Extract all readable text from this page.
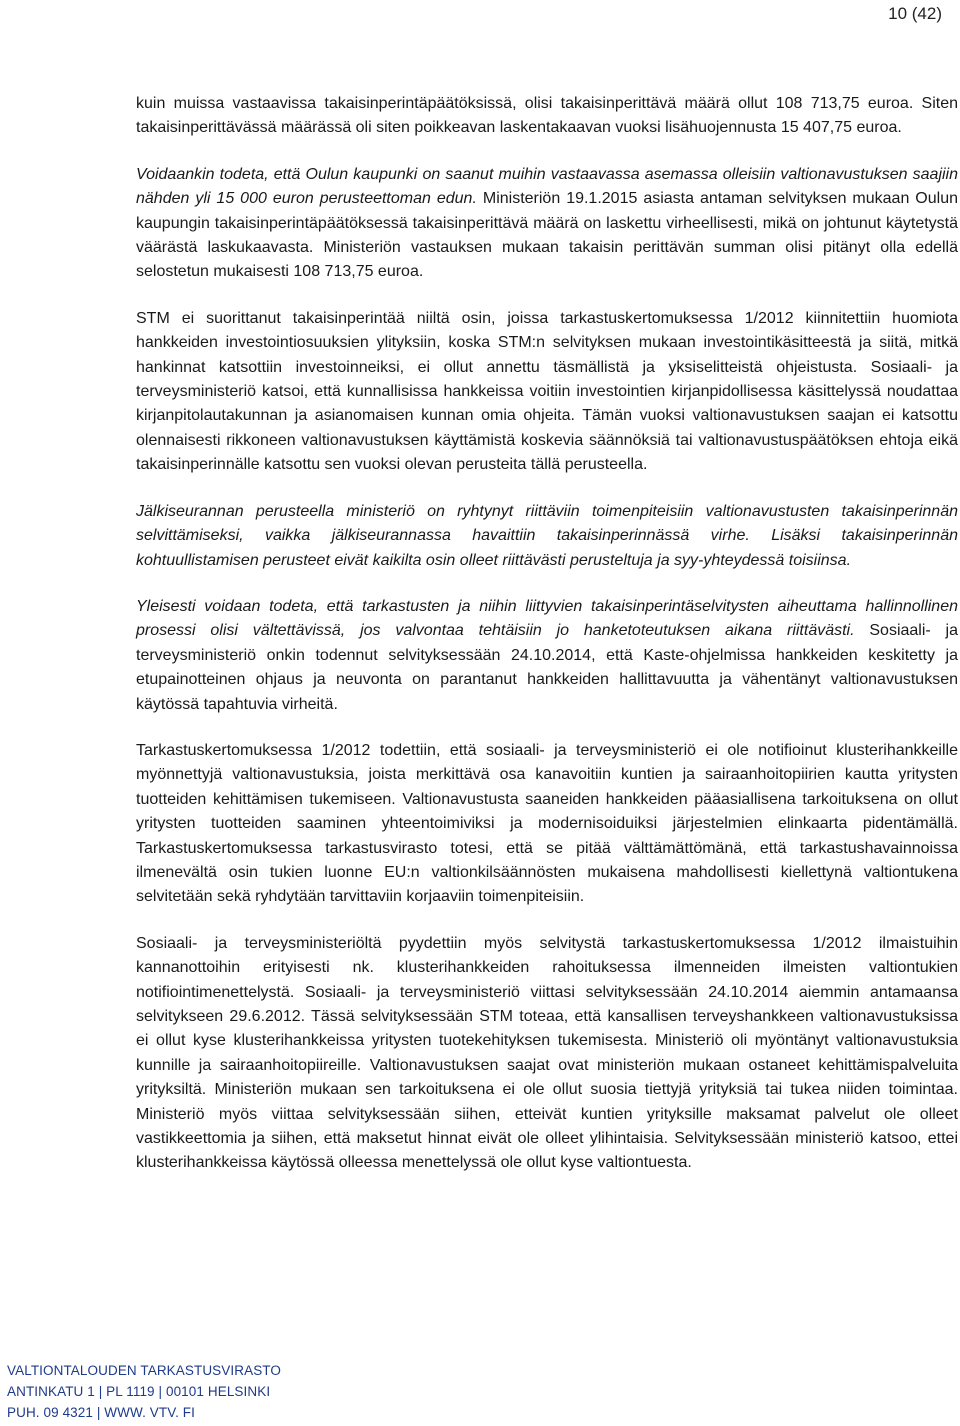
10 (42)

kuin muissa vastaavissa takaisinperintäpäätöksissä, olisi takaisinperittävä määrä ollut 108 713,75 euroa. Siten takaisinperittävässä määrässä oli siten poikkeavan laskentakaavan vuoksi lisähuojennusta 15 407,75 euroa.

Voidaankin todeta, että Oulun kaupunki on saanut muihin vastaavassa asemassa olleisiin valtionavustuksen saajiin nähden yli 15 000 euron perusteettoman edun. Ministeriön 19.1.2015 asiasta antaman selvityksen mukaan Oulun kaupungin takaisinperintäpäätöksessä takaisinperittävä määrä on laskettu virheellisesti, mikä on johtunut käytetystä väärästä laskukaavasta. Ministeriön vastauksen mukaan takaisin perittävän summan olisi pitänyt olla edellä selostetun mukaisesti 108 713,75 euroa.

STM ei suorittanut takaisinperintää niiltä osin, joissa tarkastuskertomuksessa 1/2012 kiinnitettiin huomiota hankkeiden investointiosuuksien ylityksiin, koska STM:n selvityksen mukaan investointikäsitteestä ja siitä, mitkä hankinnat katsottiin investoinneiksi, ei ollut annettu täsmällistä ja yksiselitteistä ohjeistusta. Sosiaali- ja terveysministeriö katsoi, että kunnallisissa hankkeissa voitiin investointien kirjanpidollisessa käsittelyssä noudattaa kirjanpitolautakunnan ja asianomaisen kunnan omia ohjeita. Tämän vuoksi valtionavustuksen saajan ei katsottu olennaisesti rikkoneen valtionavustuksen käyttämistä koskevia säännöksiä tai valtionavustuspäätöksen ehtoja eikä takaisinperinnälle katsottu sen vuoksi olevan perusteita tällä perusteella.

Jälkiseurannan perusteella ministeriö on ryhtynyt riittäviin toimenpiteisiin valtionavustusten takaisinperinnän selvittämiseksi, vaikka jälkiseurannassa havaittiin takaisinperinnässä virhe. Lisäksi takaisinperinnän kohtuullistamisen perusteet eivät kaikilta osin olleet riittävästi perusteltuja ja syy-yhteydessä toisiinsa.

Yleisesti voidaan todeta, että tarkastusten ja niihin liittyvien takaisinperintäselvitysten aiheuttama hallinnollinen prosessi olisi vältettävissä, jos valvontaa tehtäisiin jo hanketoteutuksen aikana riittävästi. Sosiaali- ja terveysministeriö onkin todennut selvityksessään 24.10.2014, että Kaste-ohjelmissa hankkeiden keskitetty ja etupainotteinen ohjaus ja neuvonta on parantanut hankkeiden hallittavuutta ja vähentänyt valtionavustuksen käytössä tapahtuvia virheitä.

Tarkastuskertomuksessa 1/2012 todettiin, että sosiaali- ja terveysministeriö ei ole notifioinut klusterihankkeille myönnettyjä valtionavustuksia, joista merkittävä osa kanavoitiin kuntien ja sairaanhoitopiirien kautta yritysten tuotteiden kehittämisen tukemiseen. Valtionavustusta saaneiden hankkeiden pääasiallisena tarkoituksena on ollut yritysten tuotteiden saaminen yhteentoimiviksi ja modernisoiduiksi järjestelmien elinkaarta pidentämällä. Tarkastuskertomuksessa tarkastusvirasto totesi, että se pitää välttämättömänä, että tarkastushavainnoissa ilmenevältä osin tukien luonne EU:n valtionkilsäännösten mukaisena mahdollisesti kiellettynä valtiontukena selvitetään sekä ryhdytään tarvittaviin korjaaviin toimenpiteisiin.

Sosiaali- ja terveysministeriöltä pyydettiin myös selvitystä tarkastuskertomuksessa 1/2012 ilmaistuihin kannanottoihin erityisesti nk. klusterihankkeiden rahoituksessa ilmenneiden ilmeisten valtiontukien notifiointimenettelystä. Sosiaali- ja terveysministeriö viittasi selvityksessään 24.10.2014 aiemmin antamaansa selvitykseen 29.6.2012. Tässä selvityksessään STM toteaa, että kansallisen terveyshankkeen valtionavustuksissa ei ollut kyse klusterihankkeissa yritysten tuotekehityksen tukemisesta. Ministeriö oli myöntänyt valtionavustuksia kunnille ja sairaanhoitopiireille. Valtionavustuksen saajat ovat ministeriön mukaan ostaneet kehittämispalveluita yrityksiltä. Ministeriön mukaan sen tarkoituksena ei ole ollut suosia tiettyjä yrityksiä tai tukea niiden toimintaa. Ministeriö myös viittaa selvityksessään siihen, etteivät kuntien yrityksille maksamat palvelut ole olleet vastikkeettomia ja siihen, että maksetut hinnat eivät ole olleet ylihintaisia. Selvityksessään ministeriö katsoo, ettei klusterihankkeissa käytössä olleessa menettelyssä ole ollut kyse valtiontuesta.

VALTIONTALOUDEN TARKASTUSVIRASTO
ANTINKATU 1 | PL 1119 | 00101 HELSINKI
PUH. 09 4321 | WWW. VTV. FI
